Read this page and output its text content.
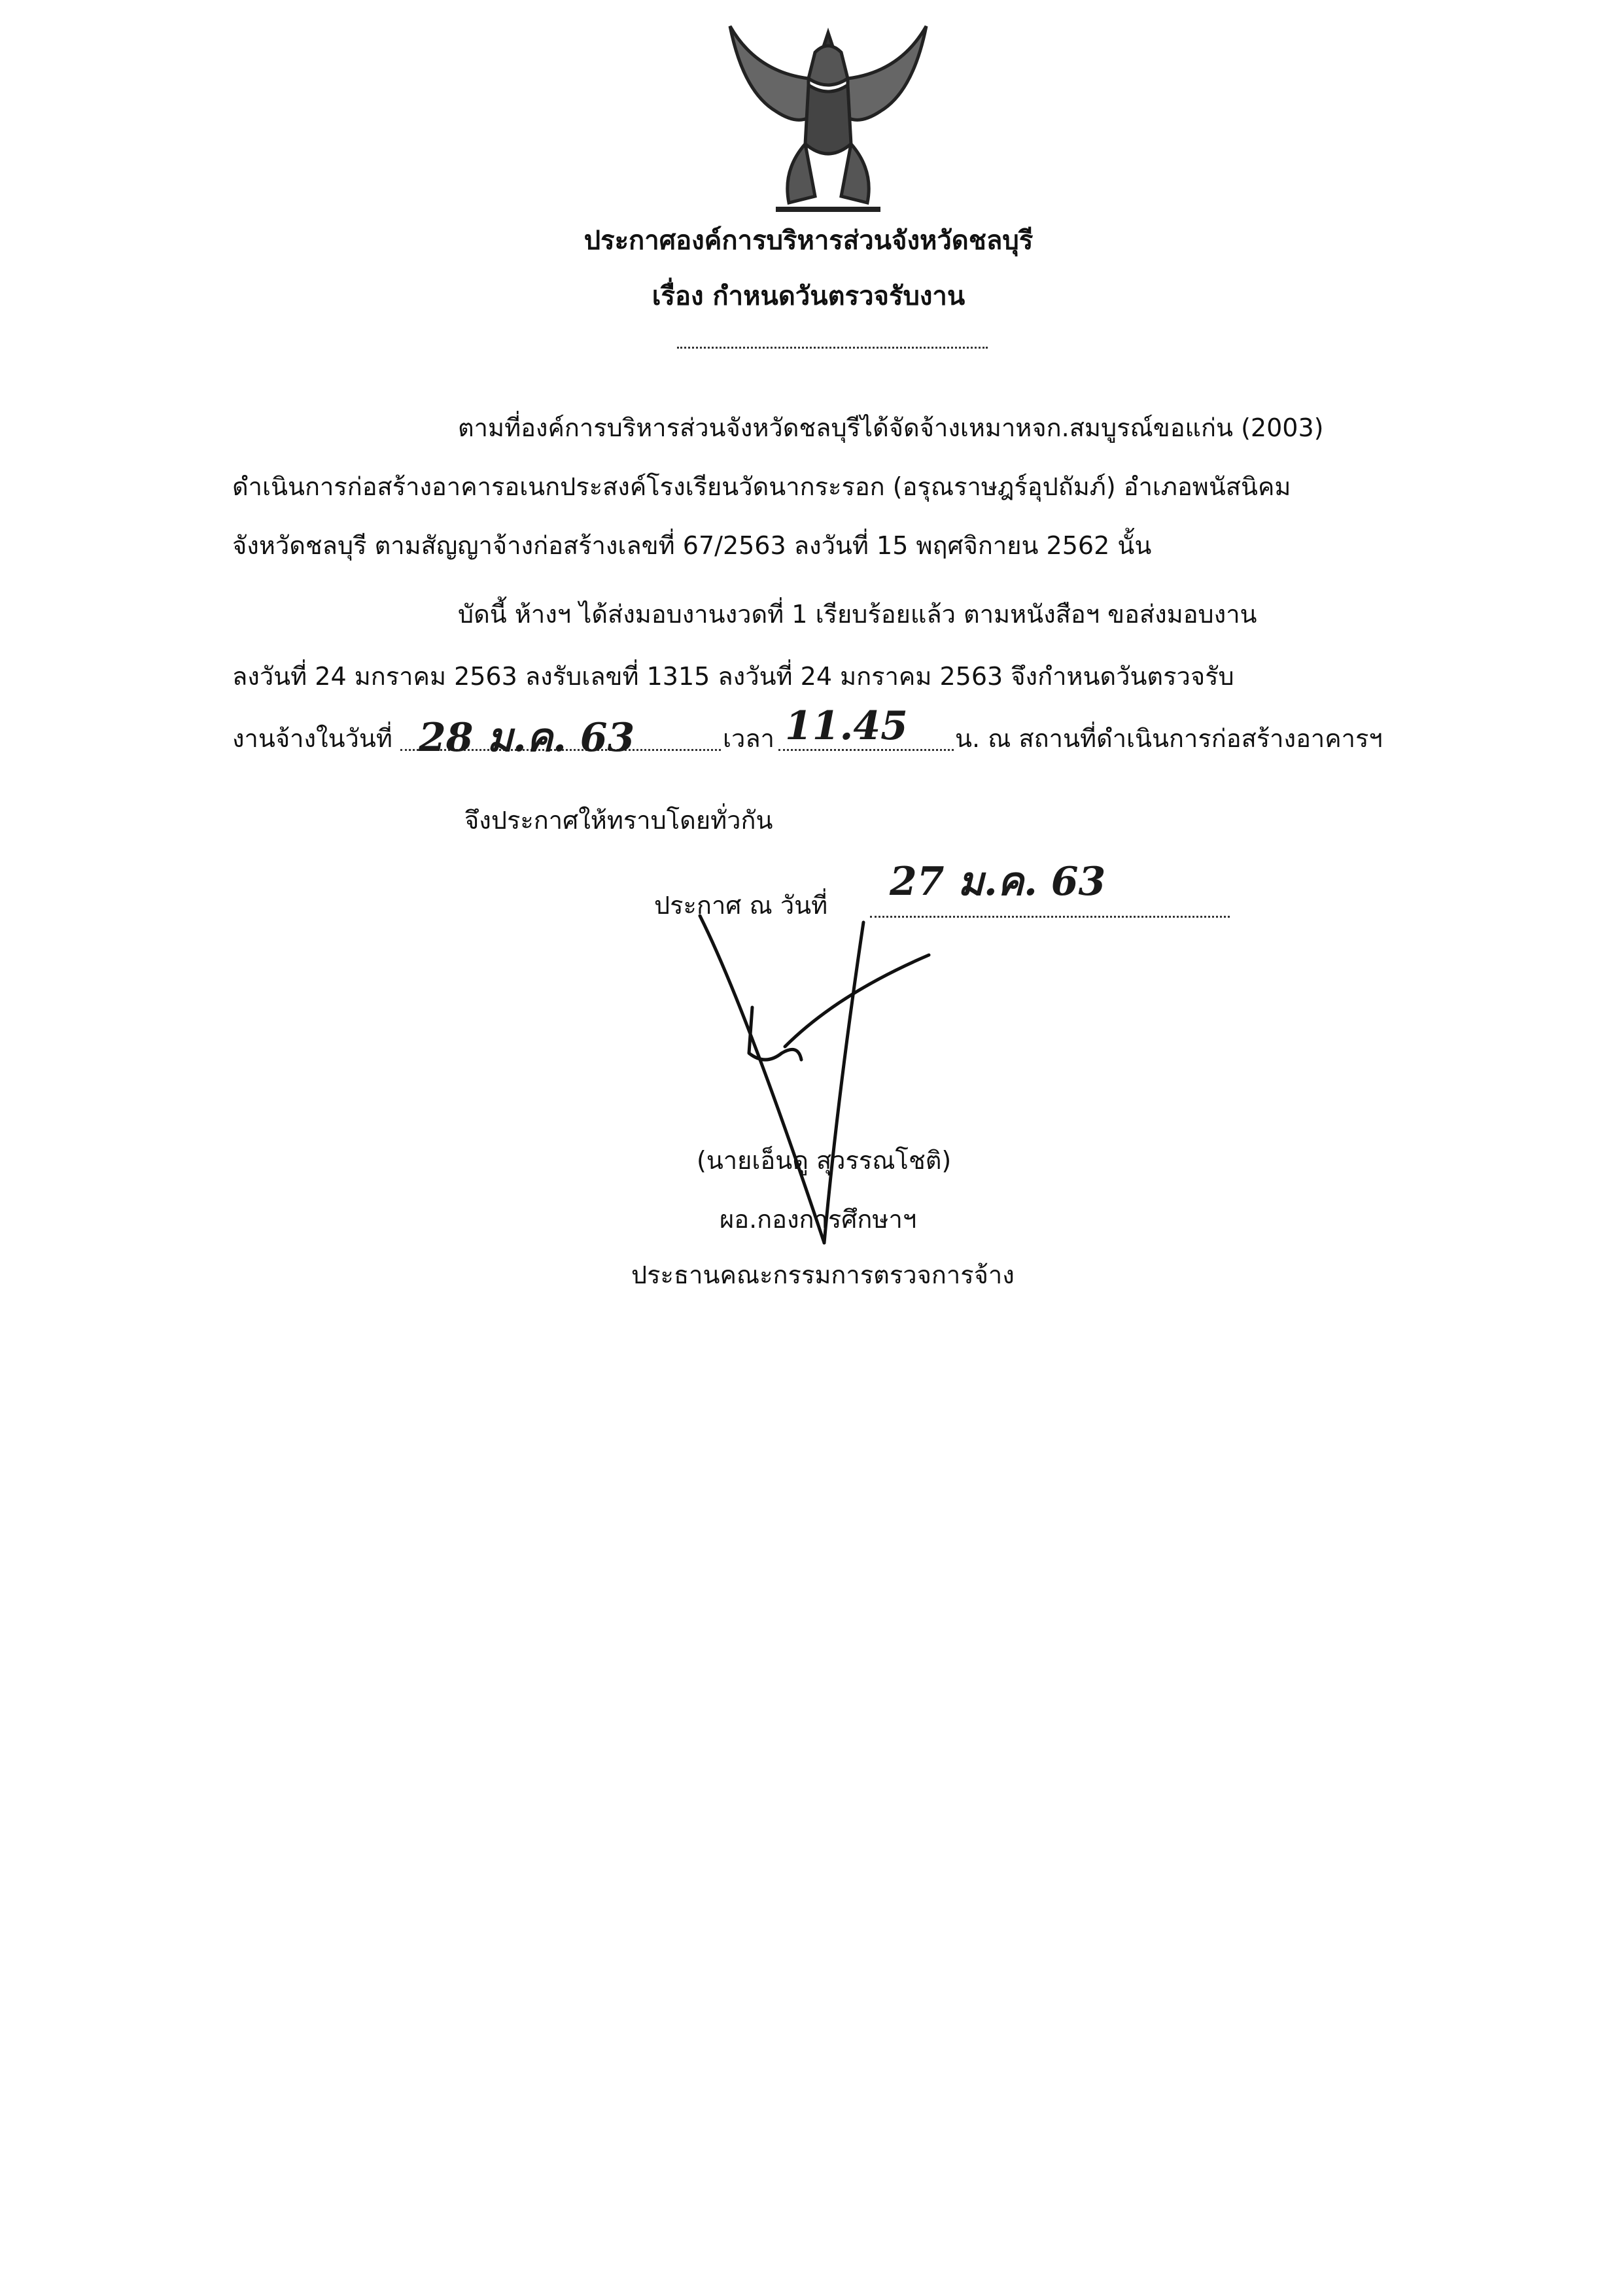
ประกาศองค์การบริหารส่วนจังหวัดชลบุรี
เรื่อง กำหนดวันตรวจรับงาน
ตามที่องค์การบริหารส่วนจังหวัดชลบุรีได้จัดจ้างเหมาหจก.สมบูรณ์ขอแก่น (2003)
ดำเนินการก่อสร้างอาคารอเนกประสงค์โรงเรียนวัดนากระรอก (อรุณราษฎร์อุปถัมภ์) อำเภอพนัสนิคม
จังหวัดชลบุรี ตามสัญญาจ้างก่อสร้างเลขที่ 67/2563 ลงวันที่ 15 พฤศจิกายน 2562 นั้น
บัดนี้ ห้างฯ ได้ส่งมอบงานงวดที่ 1 เรียบร้อยแล้ว ตามหนังสือฯ ขอส่งมอบงาน
ลงวันที่ 24 มกราคม 2563 ลงรับเลขที่ 1315 ลงวันที่ 24 มกราคม 2563 จึงกำหนดวันตรวจรับ
งานจ้างในวันที่ 28 ม.ค. 63	เวลา 11.45 น. ณ สถานที่ดำเนินการก่อสร้างอาคารฯ
จึงประกาศให้ทราบโดยทั่วกัน
ประกาศ ณ วันที่
27 ม.ค. 63
(นายเอ็นดู สุวรรณโชติ)
ผอ.กองการศึกษาฯ
ประธานคณะกรรมการตรวจการจ้าง
